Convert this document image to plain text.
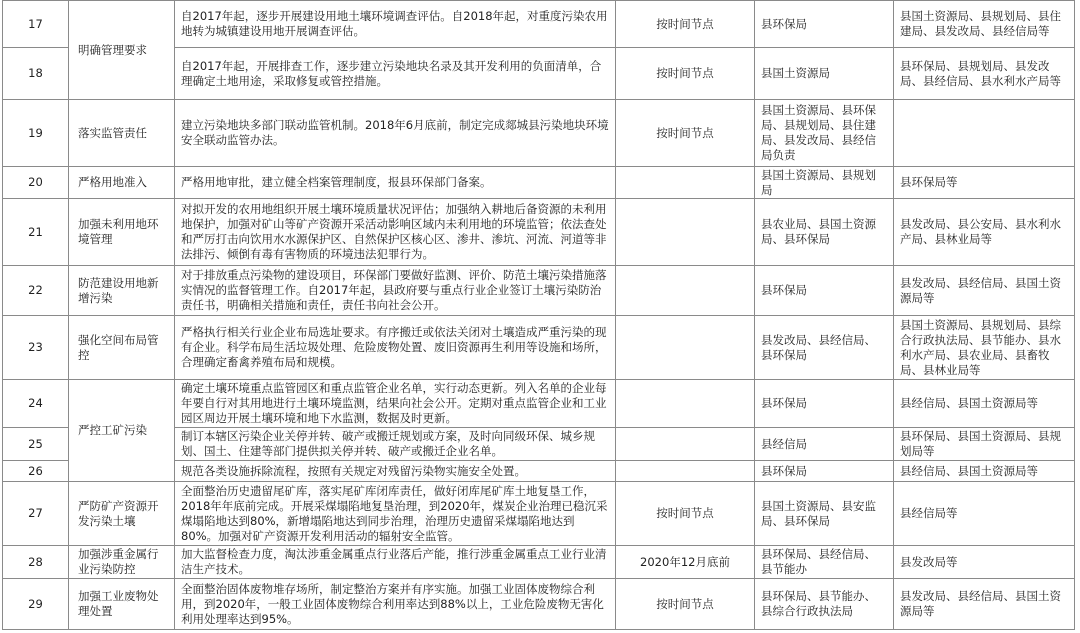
17	明确管理要求	自2017年起，逐步开展建设用地土壤环境调查评估。自2018年起，对重度污染农用地转为城镇建设用地开展调查评估。	按时间节点	县环保局	县国土资源局、县规划局、县住建局、县发改局、县经信局等
18		自2017年起，开展排查工作，逐步建立污染地块名录及其开发利用的负面清单，合理确定土地用途，采取修复或管控措施。	按时间节点	县国土资源局	县环保局、县规划局、县发改局、县经信局、县水利水产局等
19	落实监管责任	建立污染地块多部门联动监管机制。2018年6月底前，制定完成郯城县污染地块环境安全联动监管办法。	按时间节点	县国土资源局、县环保局、县规划局、县住建局、县发改局、县经信局负责	
20	严格用地准入	严格用地审批，建立健全档案管理制度，报县环保部门备案。		县国土资源局、县规划局	县环保局等
21	加强未利用地环境管理	对拟开发的农用地组织开展土壤环境质量状况评估；加强纳入耕地后备资源的未利用地保护，加强对矿山等矿产资源开采活动影响区域内未利用地的环境监管；依法查处和严厉打击向饮用水水源保护区、自然保护区核心区、渗井、渗坑、河流、河道等非法排污、倾倒有毒有害物质的环境违法犯罪行为。		县农业局、县国土资源局、县环保局	县发改局、县公安局、县水利水产局、县林业局等
22	防范建设用地新增污染	对于排放重点污染物的建设项目，环保部门要做好监测、评价、防范土壤污染措施落实情况的监督管理工作。自2017年起，县政府要与重点行业企业签订土壤污染防治责任书，明确相关措施和责任，责任书向社会公开。		县环保局	县发改局、县经信局、县国土资源局等
23	强化空间布局管控	严格执行相关行业企业布局选址要求。有序搬迁或依法关闭对土壤造成严重污染的现有企业。科学布局生活垃圾处理、危险废物处置、废旧资源再生利用等设施和场所，合理确定畜禽养殖布局和规模。		县发改局、县经信局、县环保局	县国土资源局、县规划局、县综合行政执法局、县节能办、县水利水产局、县农业局、县畜牧局、县林业局等
24	严控工矿污染	确定土壤环境重点监管园区和重点监管企业名单，实行动态更新。列入名单的企业每年要自行对其用地进行土壤环境监测，结果向社会公开。定期对重点监管企业和工业园区周边开展土壤环境和地下水监测，数据及时更新。		县环保局	县经信局、县国土资源局等
25		制订本辖区污染企业关停并转、破产或搬迁规划或方案，及时向同级环保、城乡规划、国土、住建等部门提供拟关停并转、破产或搬迁企业名单。		县经信局	县环保局、县国土资源局、县规划局等
26		规范各类设施拆除流程，按照有关规定对残留污染物实施安全处置。		县环保局	县经信局、县国土资源局等
27	严防矿产资源开发污染土壤	全面整治历史遗留尾矿库，落实尾矿库闭库责任，做好闭库尾矿库土地复垦工作，2018年年底前完成。开展采煤塌陷地复垦治理，到2020年，煤炭企业治理已稳沉采煤塌陷地达到80%，新增塌陷地达到同步治理，治理历史遗留采煤塌陷地达到80%。加强对矿产资源开发利用活动的辐射安全监管。	按时间节点	县国土资源局、县安监局、县环保局	县经信局等
28	加强涉重金属行业污染防控	加大监督检查力度，淘汰涉重金属重点行业落后产能，推行涉重金属重点工业行业清洁生产技术。	2020年12月底前	县环保局、县经信局、县节能办	县发改局等
29	加强工业废物处理处置	全面整治固体废物堆存场所，制定整治方案并有序实施。加强工业固体废物综合利用，到2020年，一般工业固体废物综合利用率达到88%以上，工业危险废物无害化利用处理率达到95%。	按时间节点	县环保局、县节能办、县综合行政执法局	县发改局、县经信局、县国土资源局等
